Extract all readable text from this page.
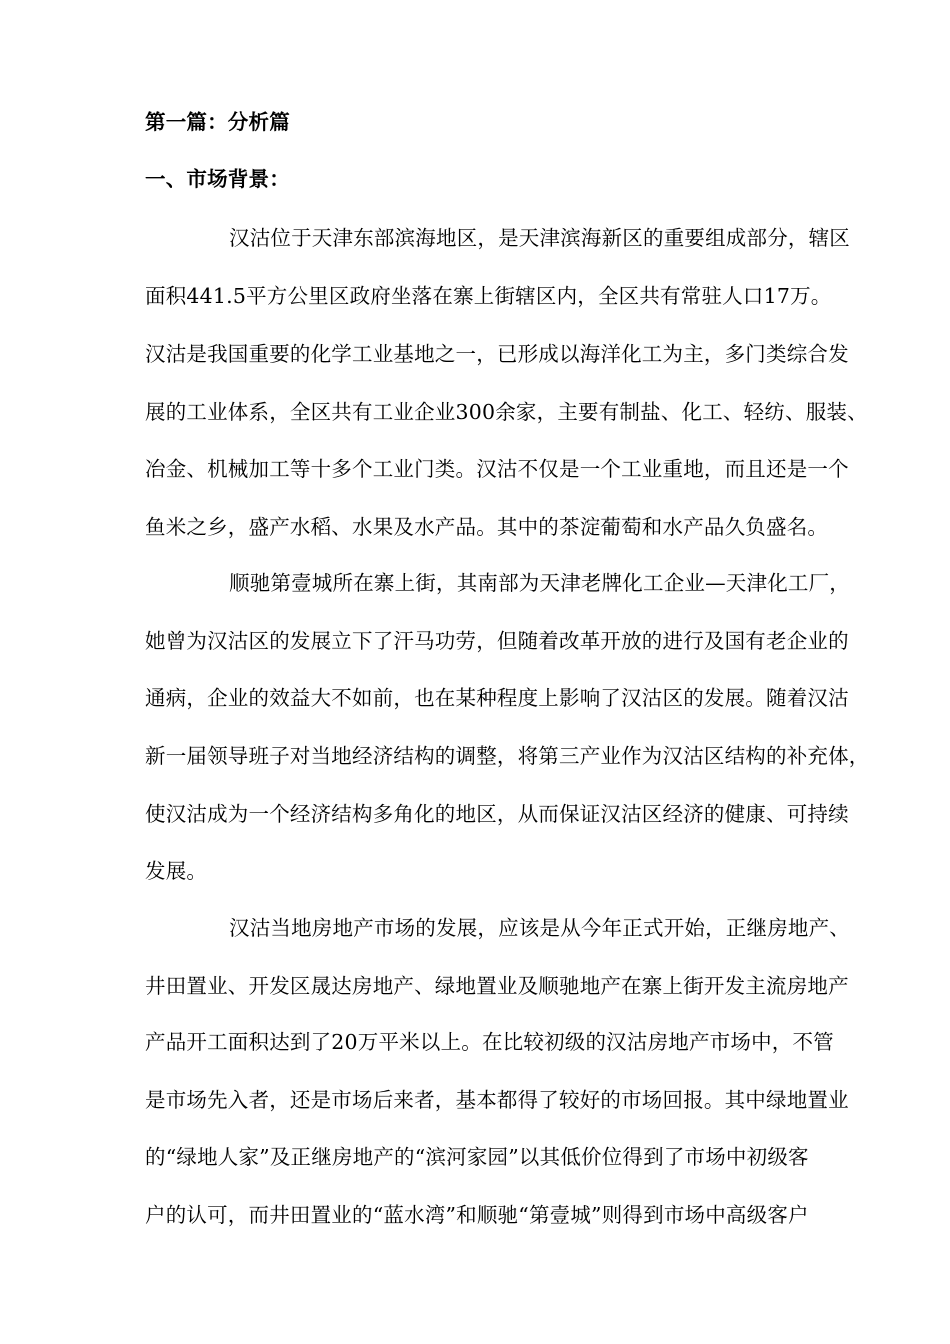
第一篇：分析篇

一、市场背景：

汉沽位于天津东部滨海地区，是天津滨海新区的重要组成部分，辖区

面积441.5平方公里区政府坐落在寨上街辖区内，全区共有常驻人口17万。

汉沽是我国重要的化学工业基地之一，已形成以海洋化工为主，多门类综合发

展的工业体系，全区共有工业企业300余家，主要有制盐、化工、轻纺、服装、

冶金、机械加工等十多个工业门类。汉沽不仅是一个工业重地，而且还是一个

鱼米之乡，盛产水稻、水果及水产品。其中的茶淀葡萄和水产品久负盛名。

顺驰第壹城所在寨上街，其南部为天津老牌化工企业—天津化工厂，

她曾为汉沽区的发展立下了汗马功劳，但随着改革开放的进行及国有老企业的

通病，企业的效益大不如前，也在某种程度上影响了汉沽区的发展。随着汉沽

新一届领导班子对当地经济结构的调整，将第三产业作为汉沽区结构的补充体，

使汉沽成为一个经济结构多角化的地区，从而保证汉沽区经济的健康、可持续

发展。

汉沽当地房地产市场的发展，应该是从今年正式开始，正继房地产、

井田置业、开发区晟达房地产、绿地置业及顺驰地产在寨上街开发主流房地产

产品开工面积达到了20万平米以上。在比较初级的汉沽房地产市场中，不管

是市场先入者，还是市场后来者，基本都得了较好的市场回报。其中绿地置业

的“绿地人家”及正继房地产的“滨河家园”以其低价位得到了市场中初级客

户的认可，而井田置业的“蓝水湾”和顺驰“第壹城”则得到市场中高级客户
